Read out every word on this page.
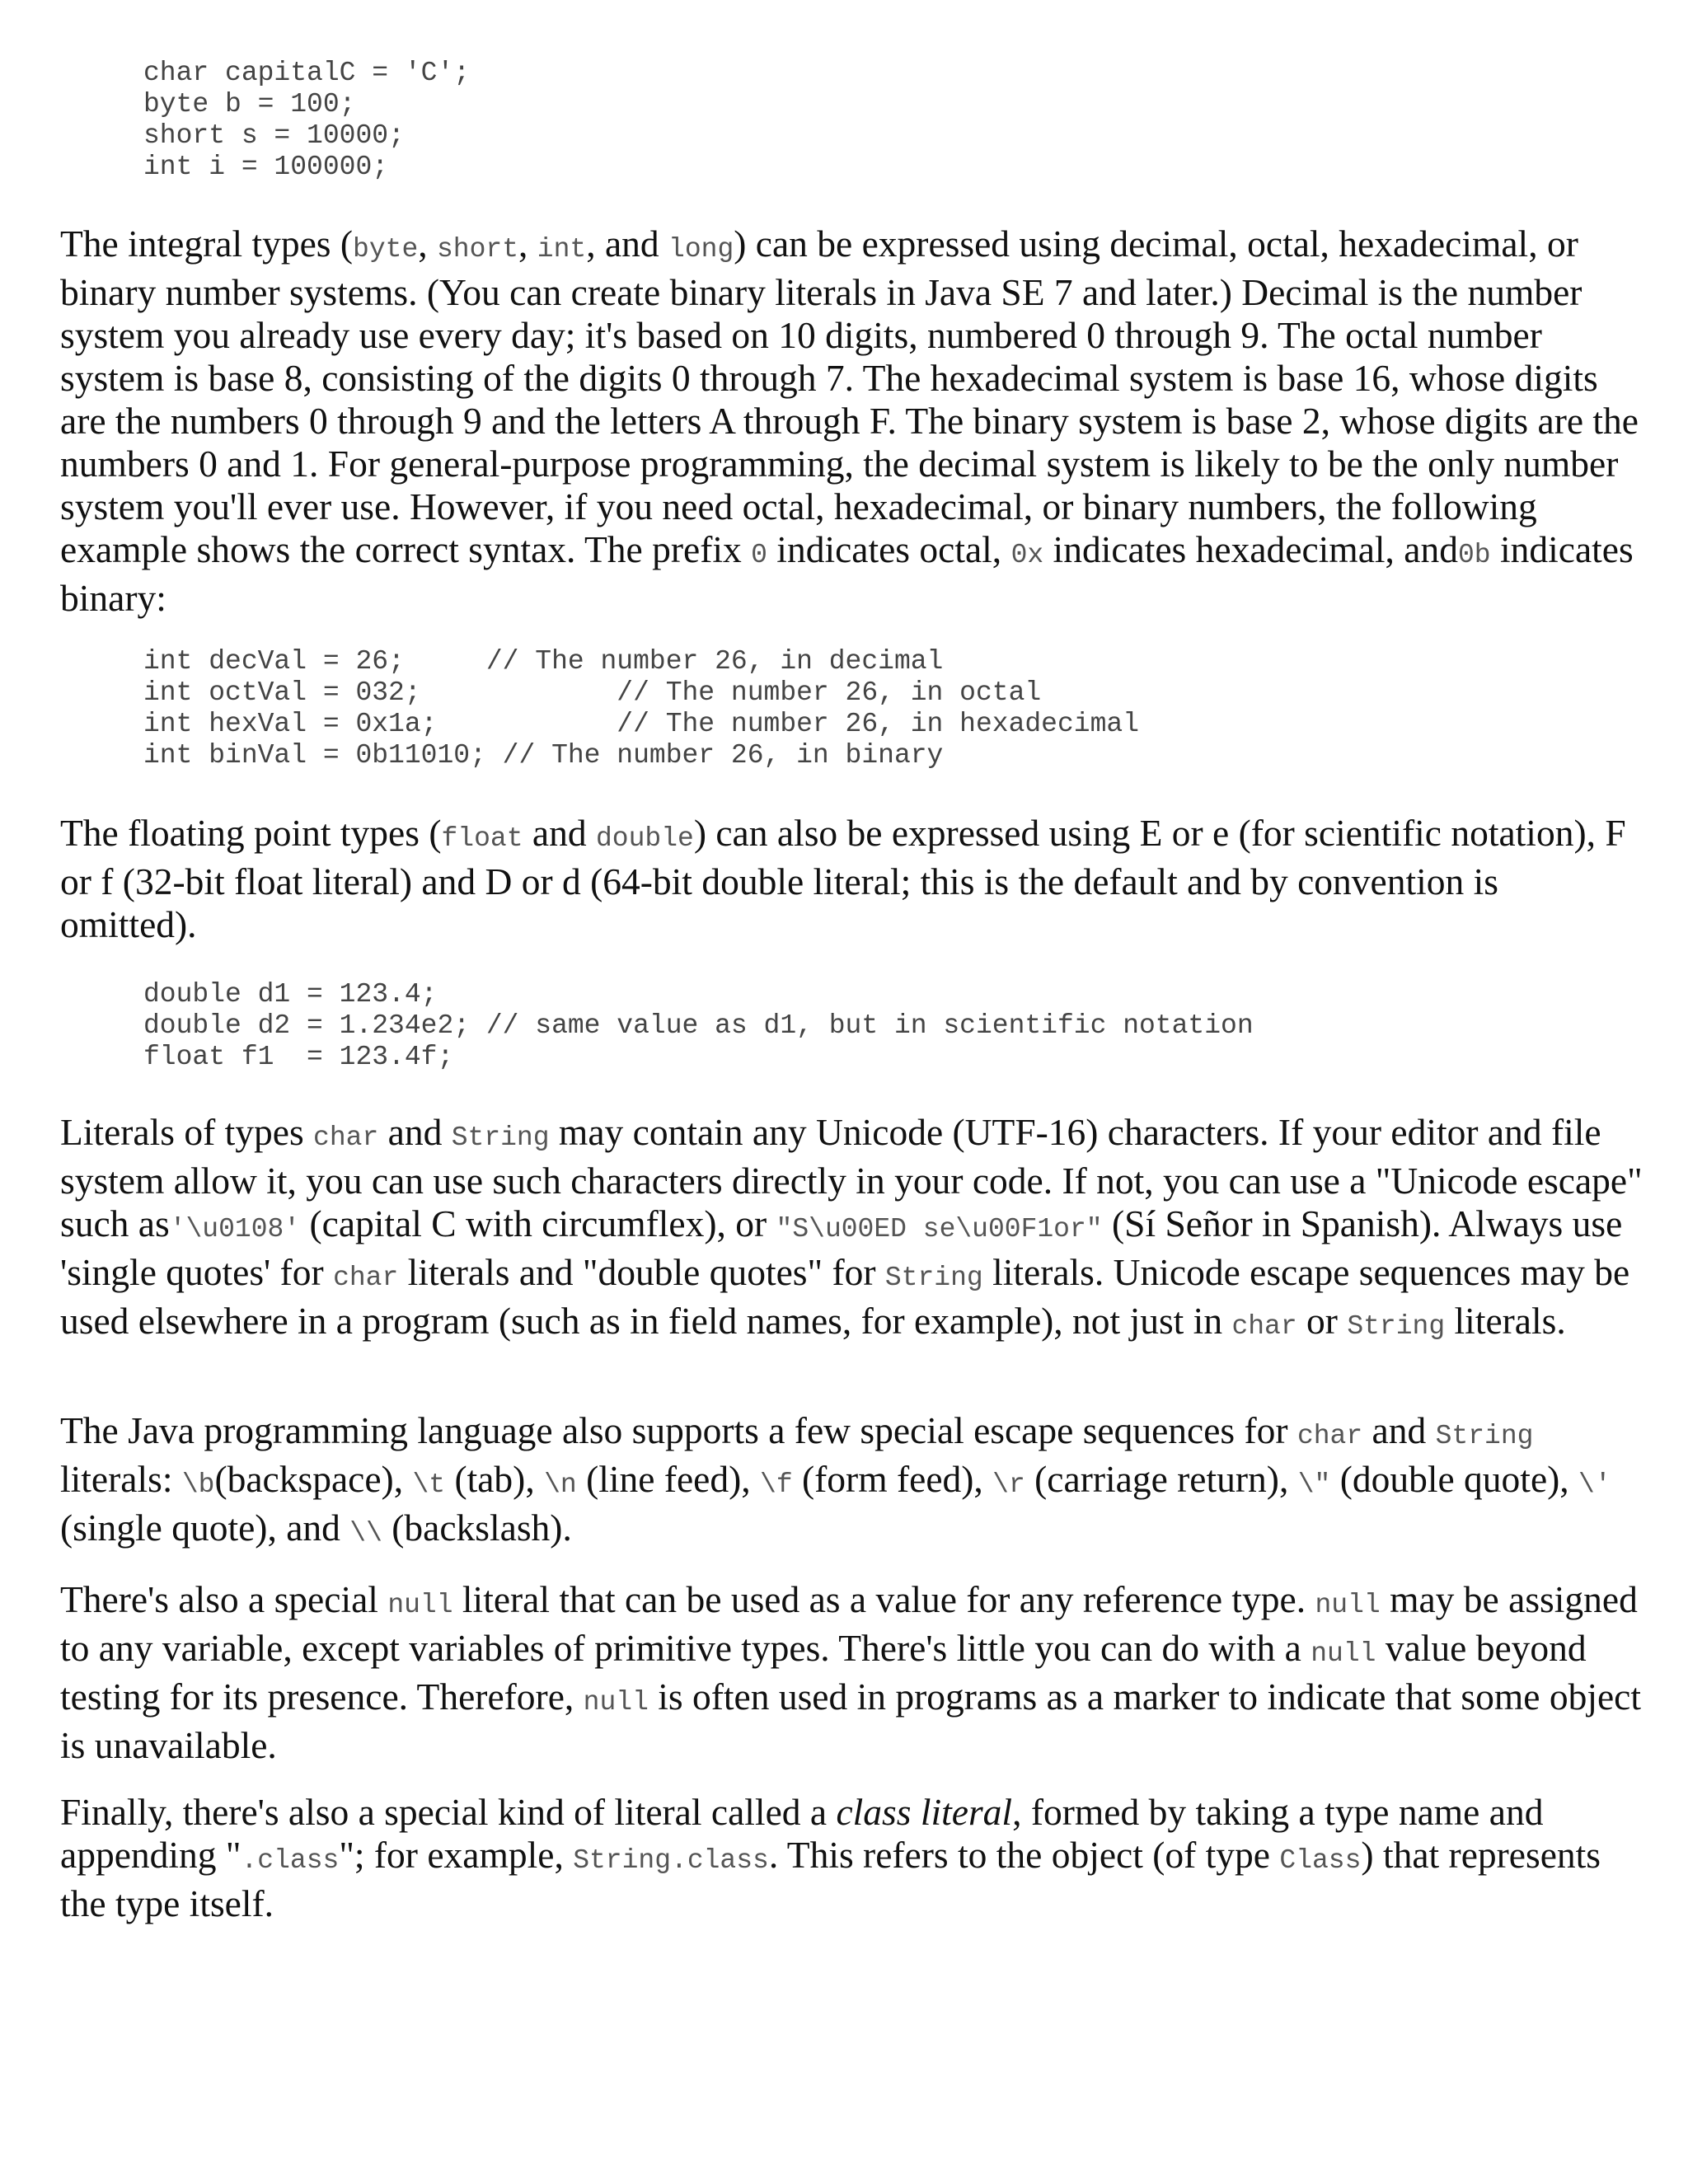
char capitalC = 'C';
byte b = 100;
short s = 10000;
int i = 100000;

The integral types (byte, short, int, and long) can be expressed using decimal, octal, hexadecimal, or binary number systems. (You can create binary literals in Java SE 7 and later.) Decimal is the number system you already use every day; it's based on 10 digits, numbered 0 through 9. The octal number system is base 8, consisting of the digits 0 through 7. The hexadecimal system is base 16, whose digits are the numbers 0 through 9 and the letters A through F. The binary system is base 2, whose digits are the numbers 0 and 1. For general-purpose programming, the decimal system is likely to be the only number system you'll ever use. However, if you need octal, hexadecimal, or binary numbers, the following example shows the correct syntax. The prefix 0 indicates octal, 0x indicates hexadecimal, and0b indicates binary:

int decVal = 26;     // The number 26, in decimal
int octVal = 032;            // The number 26, in octal
int hexVal = 0x1a;           // The number 26, in hexadecimal
int binVal = 0b11010; // The number 26, in binary

The floating point types (float and double) can also be expressed using E or e (for scientific notation), F or f (32-bit float literal) and D or d (64-bit double literal; this is the default and by convention is omitted).

double d1 = 123.4;
double d2 = 1.234e2; // same value as d1, but in scientific notation
float f1  = 123.4f;

Literals of types char and String may contain any Unicode (UTF-16) characters. If your editor and file system allow it, you can use such characters directly in your code. If not, you can use a "Unicode escape" such as'\u0108' (capital C with circumflex), or "S\u00ED se\u00F1or" (Sí Señor in Spanish). Always use 'single quotes' for char literals and "double quotes" for String literals. Unicode escape sequences may be used elsewhere in a program (such as in field names, for example), not just in char or String literals.

The Java programming language also supports a few special escape sequences for char and String literals: \b(backspace), \t (tab), \n (line feed), \f (form feed), \r (carriage return), \" (double quote), \' (single quote), and \\ (backslash).

There's also a special null literal that can be used as a value for any reference type. null may be assigned to any variable, except variables of primitive types. There's little you can do with a null value beyond testing for its presence. Therefore, null is often used in programs as a marker to indicate that some object is unavailable.

Finally, there's also a special kind of literal called a class literal, formed by taking a type name and appending ".class"; for example, String.class. This refers to the object (of type Class) that represents the type itself.
